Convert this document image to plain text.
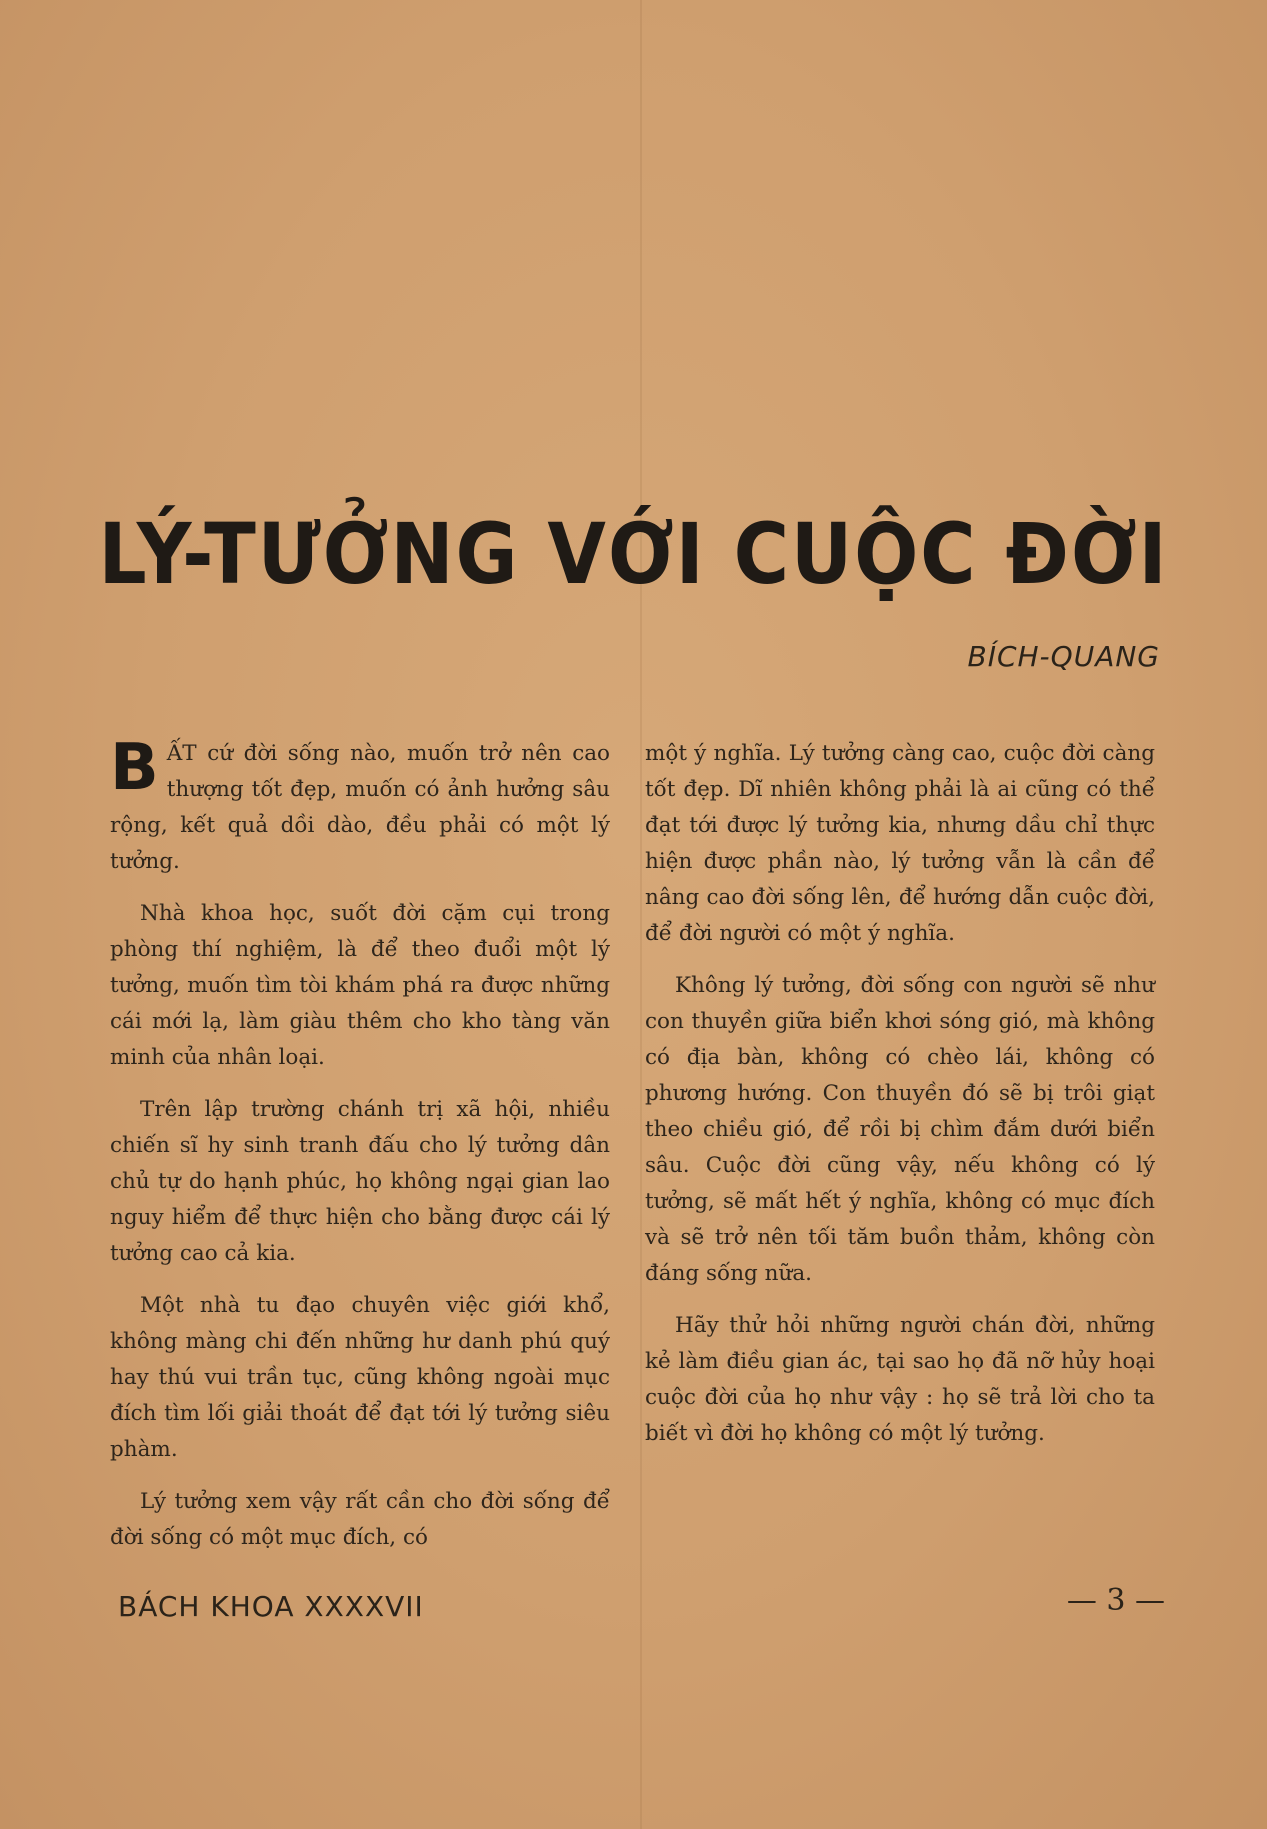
LÝ-TƯỞNG VỚI CUỘC ĐỜI
BÍCH-QUANG

BẤT cứ đời sống nào, muốn trở nên cao thượng tốt đẹp, muốn có ảnh hưởng sâu rộng, kết quả dồi dào, đều phải có một lý tưởng.

Nhà khoa học, suốt đời cặm cụi trong phòng thí nghiệm, là để theo đuổi một lý tưởng, muốn tìm tòi khám phá ra được những cái mới lạ, làm giàu thêm cho kho tàng văn minh của nhân loại.

Trên lập trường chánh trị xã hội, nhiều chiến sĩ hy sinh tranh đấu cho lý tưởng dân chủ tự do hạnh phúc, họ không ngại gian lao nguy hiểm để thực hiện cho bằng được cái lý tưởng cao cả kia.

Một nhà tu đạo chuyên việc giới khổ, không màng chi đến những hư danh phú quý hay thú vui trần tục, cũng không ngoài mục đích tìm lối giải thoát để đạt tới lý tưởng siêu phàm.

Lý tưởng xem vậy rất cần cho đời sống để đời sống có một mục đích, có

một ý nghĩa. Lý tưởng càng cao, cuộc đời càng tốt đẹp. Dĩ nhiên không phải là ai cũng có thể đạt tới được lý tưởng kia, nhưng dầu chỉ thực hiện được phần nào, lý tưởng vẫn là cần để nâng cao đời sống lên, để hướng dẫn cuộc đời, để đời người có một ý nghĩa.

Không lý tưởng, đời sống con người sẽ như con thuyền giữa biển khơi sóng gió, mà không có địa bàn, không có chèo lái, không có phương hướng. Con thuyền đó sẽ bị trôi giạt theo chiều gió, để rồi bị chìm đắm dưới biển sâu. Cuộc đời cũng vậy, nếu không có lý tưởng, sẽ mất hết ý nghĩa, không có mục đích và sẽ trở nên tối tăm buồn thảm, không còn đáng sống nữa.

Hãy thử hỏi những người chán đời, những kẻ làm điều gian ác, tại sao họ đã nỡ hủy hoại cuộc đời của họ như vậy : họ sẽ trả lời cho ta biết vì đời họ không có một lý tưởng.

BÁCH KHOA XXXXVII	— 3 —
